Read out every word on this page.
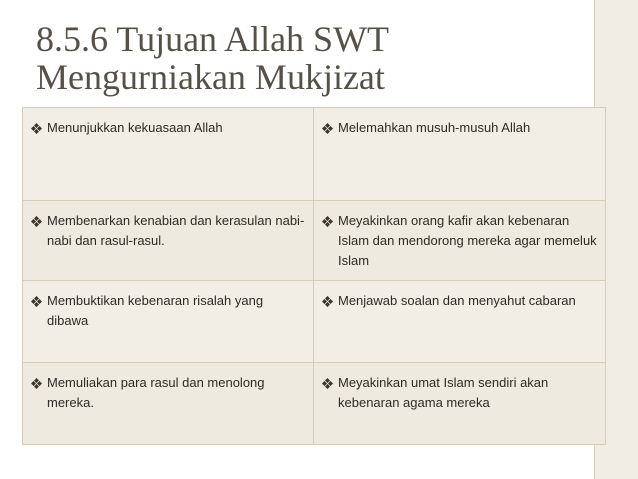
8.5.6 Tujuan Allah SWT
Mengurniakan Mukjizat
Menunjukkan kekuasaan Allah	Melemahkan musuh-musuh Allah

Membenarkan kenabian dan kerasulan nabi-nabi dan rasul-rasul.	Meyakinkan orang kafir akan kebenaran Islam dan mendorong mereka agar memeluk Islam

Membuktikan kebenaran risalah yang dibawa	Menjawab soalan dan menyahut cabaran

Memuliakan para rasul dan menolong mereka.	Meyakinkan umat Islam sendiri akan kebenaran agama mereka
